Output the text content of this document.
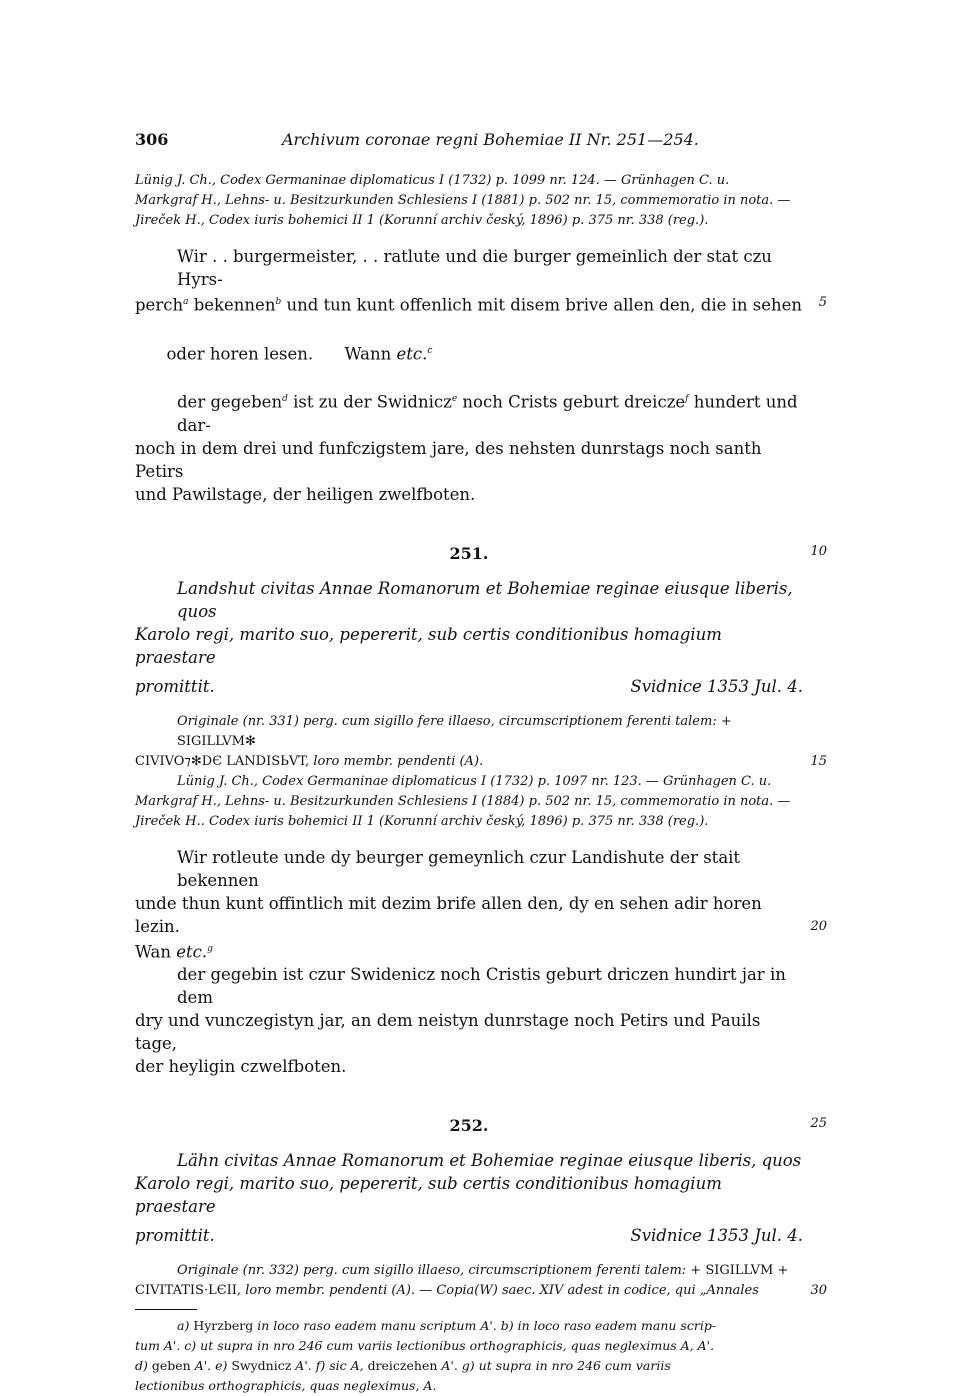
306	Archivum coronae regni Bohemiae II Nr. 251—254.
Lünig J. Ch., Codex Germaninae diplomaticus I (1732) p. 1099 nr. 124. — Grünhagen C. u.
Markgraf H., Lehns- u. Besitzurkunden Schlesiens I (1881) p. 502 nr. 15, commemoratio in nota. —
Jireček H., Codex iuris bohemici II 1 (Korunní archiv český, 1896) p. 375 nr. 338 (reg.).
Wir . . burgermeister, . . ratlute und die burger gemeinlich der stat czu Hyrs-
perch$^a$ bekennen$^b$ und tun kunt offenlich mit disem brive allen den, die in sehen 5

oder horen lesen.      Wann etc.$^c$

der gegeben$^d$ ist zu der Swidnicz$^e$ noch Crists geburt dreicze$^f$ hundert und dar-
noch in dem drei und funfczigstem jare, des nehsten dunrstags noch santh Petirs
und Pawilstage, der heiligen zwelfboten.
251.	10
Landshut civitas Annae Romanorum et Bohemiae reginae eiusque liberis, quos
Karolo regi, marito suo, pepererit, sub certis conditionibus homagium praestare
promittit.	Svidnice 1353 Jul. 4.
Originale (nr. 331) perg. cum sigillo fere illaeso, circumscriptionem ferenti talem: + SIGILLVM✻
CIVIVO⁊✻DЄ LANDISЬVT, loro membr. pendenti (A).	15
Lünig J. Ch., Codex Germaninae diplomaticus I (1732) p. 1097 nr. 123. — Grünhagen C. u.
Markgraf H., Lehns- u. Besitzurkunden Schlesiens I (1884) p. 502 nr. 15, commemoratio in nota. —
Jireček H.. Codex iuris bohemici II 1 (Korunní archiv český, 1896) p. 375 nr. 338 (reg.).
Wir rotleute unde dy beurger gemeynlich czur Landishute der stait bekennen
unde thun kunt offintlich mit dezim brife allen den, dy en sehen adir horen lezin.	20
Wan etc.$^g$
der gegebin ist czur Swidenicz noch Cristis geburt driczen hundirt jar in dem
dry und vunczegistyn jar, an dem neistyn dunrstage noch Petirs und Pauils tage,
der heyligin czwelfboten.
252.	25
Lähn civitas Annae Romanorum et Bohemiae reginae eiusque liberis, quos
Karolo regi, marito suo, pepererit, sub certis conditionibus homagium praestare
promittit.	Svidnice 1353 Jul. 4.
Originale (nr. 332) perg. cum sigillo illaeso, circumscriptionem ferenti talem: + SIGILLVM +
CIVITATIS·LЄII, loro membr. pendenti (A). — Copia(W) saec. XIV adest in codice, qui „Annales	30
a) Hyrzberg in loco raso eadem manu scriptum A'. b) in loco raso eadem manu scrip-
tum A'. c) ut supra in nro 246 cum variis lectionibus orthographicis, quas negleximus A, A'.
d) geben A'. e) Swydnicz A'. f) sic A, dreiczehen A'. g) ut supra in nro 246 cum variis
lectionibus orthographicis, quas negleximus, A.
